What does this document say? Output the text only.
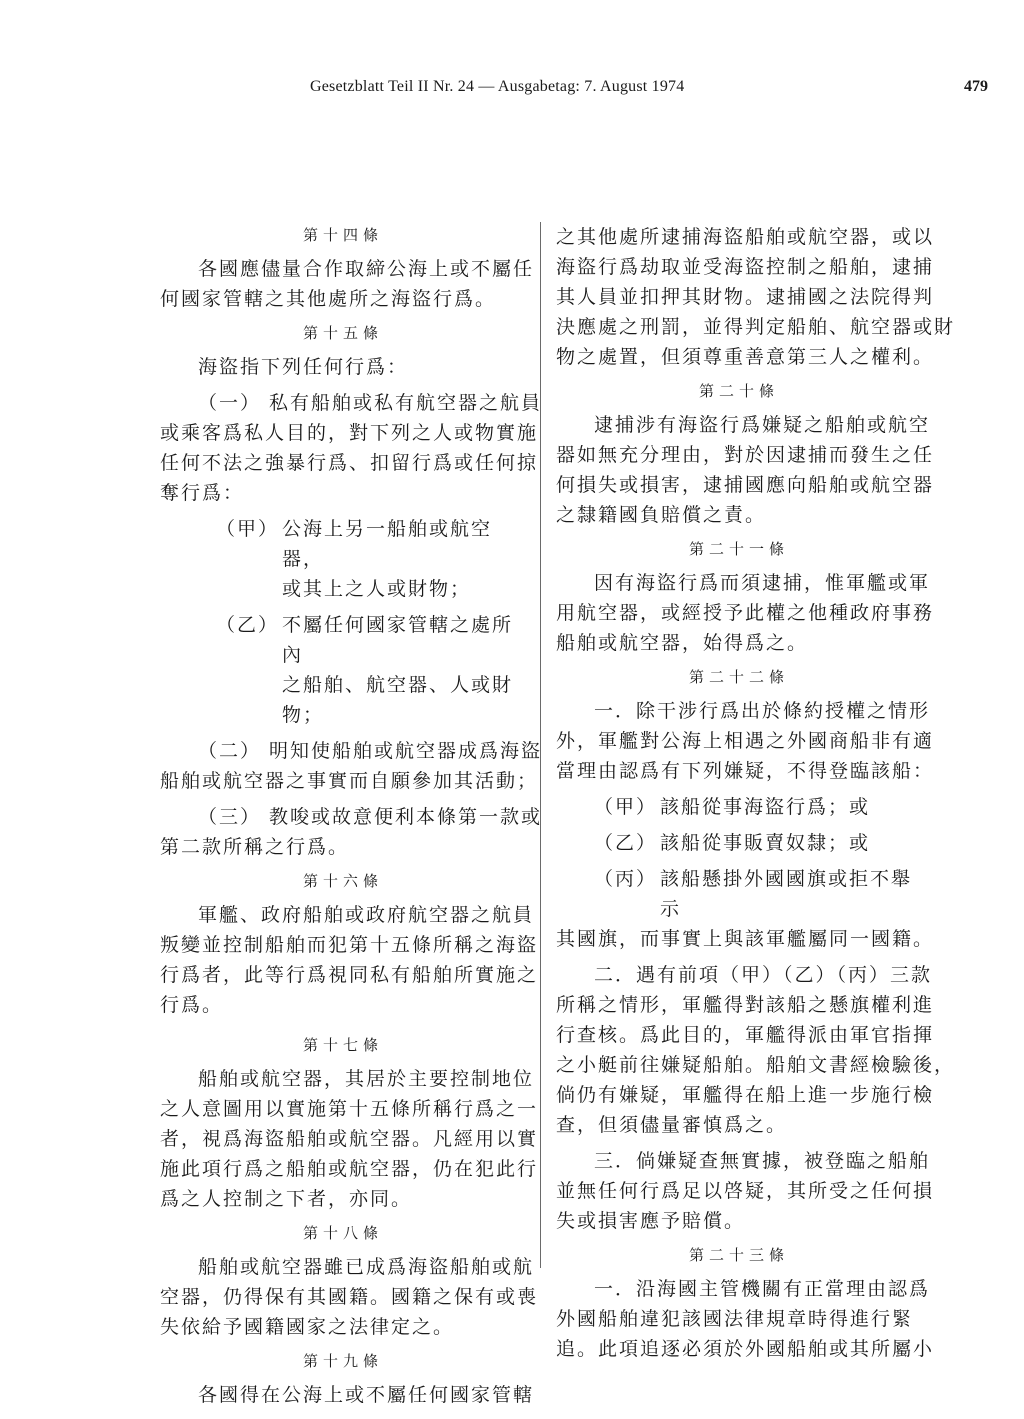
Gesetzblatt Teil II Nr. 24 — Ausgabetag: 7. August 1974	479

第十四條

各國應儘量合作取締公海上或不屬任

何國家管轄之其他處所之海盜行爲。

第十五條

海盜指下列任何行爲：

（一） 私有船舶或私有航空器之航員

或乘客爲私人目的，對下列之人或物實施

任何不法之強暴行爲、扣留行爲或任何掠

奪行爲：

（甲） 公海上另一船舶或航空器，
或其上之人或財物；
（乙） 不屬任何國家管轄之處所內
之船舶、航空器、人或財物；

（二） 明知使船舶或航空器成爲海盜

船舶或航空器之事實而自願參加其活動；

（三） 教唆或故意便利本條第一款或

第二款所稱之行爲。

第十六條

軍艦、政府船舶或政府航空器之航員

叛變並控制船舶而犯第十五條所稱之海盜

行爲者，此等行爲視同私有船舶所實施之

行爲。

第十七條

船舶或航空器，其居於主要控制地位

之人意圖用以實施第十五條所稱行爲之一

者，視爲海盜船舶或航空器。凡經用以實

施此項行爲之船舶或航空器，仍在犯此行

爲之人控制之下者，亦同。

第十八條

船舶或航空器雖已成爲海盜船舶或航

空器，仍得保有其國籍。國籍之保有或喪

失依給予國籍國家之法律定之。

第十九條

各國得在公海上或不屬任何國家管轄

之其他處所逮捕海盜船舶或航空器，或以

海盜行爲劫取並受海盜控制之船舶，逮捕

其人員並扣押其財物。逮捕國之法院得判

決應處之刑罰，並得判定船舶、航空器或財

物之處置，但須尊重善意第三人之權利。

第二十條

逮捕涉有海盜行爲嫌疑之船舶或航空

器如無充分理由，對於因逮捕而發生之任

何損失或損害，逮捕國應向船舶或航空器

之隸籍國負賠償之責。

第二十一條

因有海盜行爲而須逮捕，惟軍艦或軍

用航空器，或經授予此權之他種政府事務

船舶或航空器，始得爲之。

第二十二條

一．除干涉行爲出於條約授權之情形

外，軍艦對公海上相遇之外國商船非有適

當理由認爲有下列嫌疑，不得登臨該船：

（甲） 該船從事海盜行爲；或
（乙） 該船從事販賣奴隸；或
（丙） 該船懸掛外國國旗或拒不舉示

其國旗，而事實上與該軍艦屬同一國籍。

二．遇有前項（甲）（乙）（丙）三款

所稱之情形，軍艦得對該船之懸旗權利進

行查核。爲此目的，軍艦得派由軍官指揮

之小艇前往嫌疑船舶。船舶文書經檢驗後，

倘仍有嫌疑，軍艦得在船上進一步施行檢

查，但須儘量審慎爲之。

三．倘嫌疑查無實據，被登臨之船舶

並無任何行爲足以啓疑，其所受之任何損

失或損害應予賠償。

第二十三條

一．沿海國主管機關有正當理由認爲

外國船舶違犯該國法律規章時得進行緊

追。此項追逐必須於外國船舶或其所屬小
